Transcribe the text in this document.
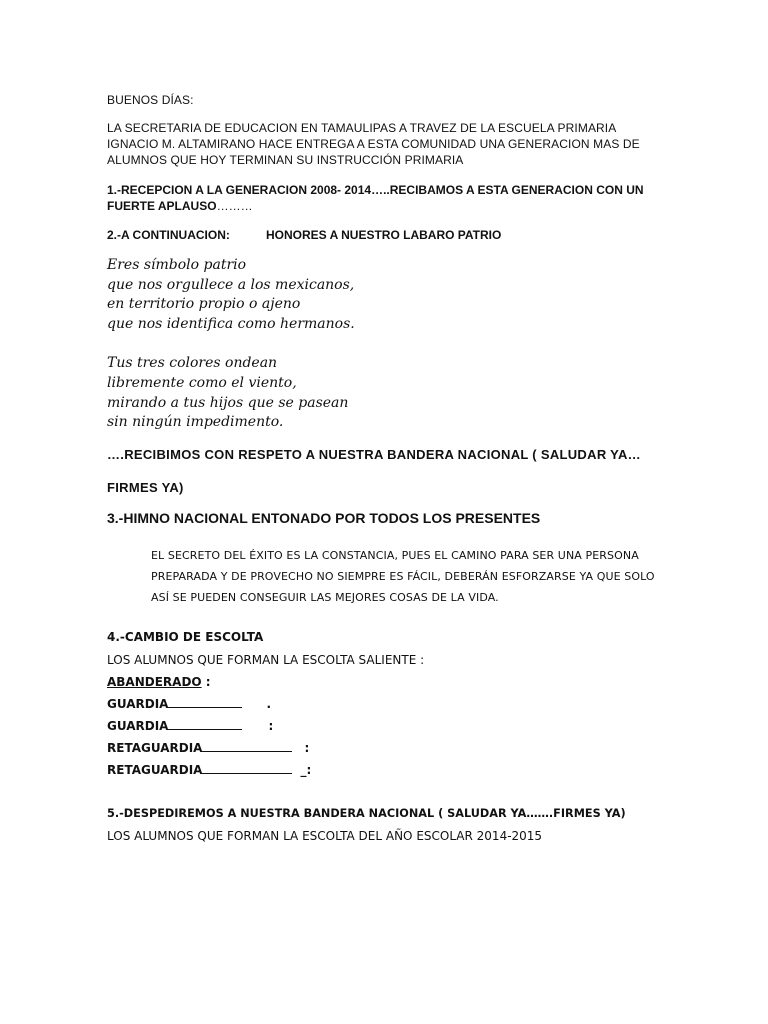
BUENOS DÍAS:

LA SECRETARIA DE EDUCACION EN TAMAULIPAS A TRAVEZ DE LA ESCUELA PRIMARIA

IGNACIO M. ALTAMIRANO HACE ENTREGA A ESTA COMUNIDAD UNA GENERACION MAS DE

ALUMNOS QUE HOY TERMINAN SU INSTRUCCIÓN PRIMARIA

1.-RECEPCION A LA GENERACION 2008- 2014…..RECIBAMOS A ESTA GENERACION CON UN

FUERTE APLAUSO………

2.-A CONTINUACION:	HONORES A NUESTRO LABARO PATRIO

Eres símbolo patrio

que nos orgullece a los mexicanos,

en territorio propio o ajeno

que nos identifica como hermanos.

Tus tres colores ondean

libremente como el viento,

mirando a tus hijos que se pasean

sin ningún impedimento.

….RECIBIMOS CON RESPETO A NUESTRA BANDERA NACIONAL ( SALUDAR YA…

FIRMES YA)

3.-HIMNO NACIONAL ENTONADO POR TODOS LOS PRESENTES

EL SECRETO DEL ÉXITO ES LA CONSTANCIA, PUES EL CAMINO PARA SER UNA PERSONA

PREPARADA Y DE PROVECHO NO SIEMPRE ES FÁCIL, DEBERÁN ESFORZARSE YA QUE SOLO

ASÍ SE PUEDEN CONSEGUIR LAS MEJORES COSAS DE LA VIDA.

4.-CAMBIO DE ESCOLTA

LOS ALUMNOS QUE FORMAN LA ESCOLTA SALIENTE :

ABANDERADO :

GUARDIA	.

GUARDIA	:

RETAGUARDIA	:

RETAGUARDIA	_:

5.-DESPEDIREMOS A NUESTRA BANDERA NACIONAL ( SALUDAR YA…….FIRMES YA)

LOS ALUMNOS QUE FORMAN LA ESCOLTA DEL AÑO ESCOLAR 2014-2015
